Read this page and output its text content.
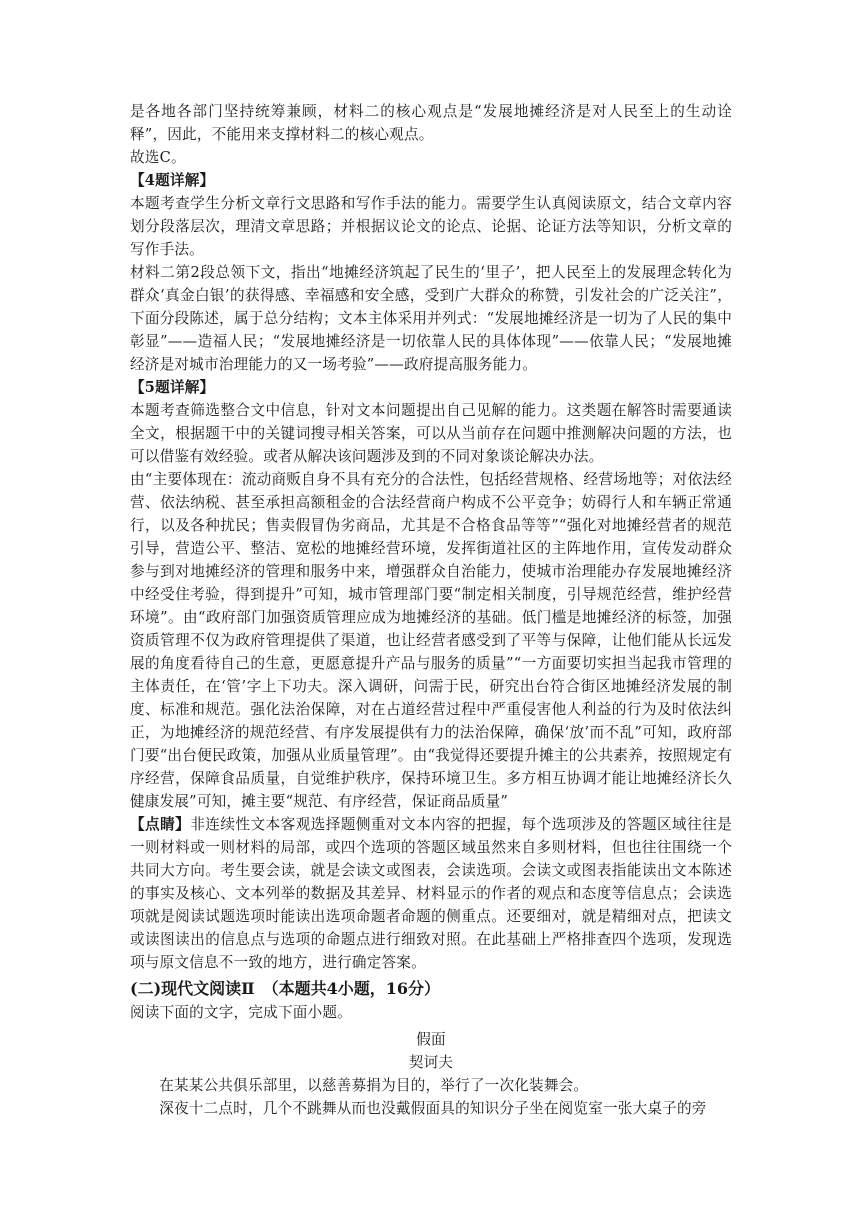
是各地各部门坚持统筹兼顾，材料二的核心观点是“发展地摊经济是对人民至上的生动诠释”，因此，不能用来支撑材料二的核心观点。

故选C。

【4题详解】

本题考查学生分析文章行文思路和写作手法的能力。需要学生认真阅读原文，结合文章内容划分段落层次，理清文章思路；并根据议论文的论点、论据、论证方法等知识，分析文章的写作手法。

材料二第2段总领下文，指出“地摊经济筑起了民生的‘里子’，把人民至上的发展理念转化为群众‘真金白银’的获得感、幸福感和安全感，受到广大群众的称赞，引发社会的广泛关注”，下面分段陈述，属于总分结构；文本主体采用并列式：“发展地摊经济是一切为了人民的集中彰显”——造福人民；“发展地摊经济是一切依靠人民的具体体现”——依靠人民；“发展地摊经济是对城市治理能力的又一场考验”——政府提高服务能力。

【5题详解】

本题考查筛选整合文中信息，针对文本问题提出自己见解的能力。这类题在解答时需要通读全文，根据题干中的关键词搜寻相关答案，可以从当前存在问题中推测解决问题的方法，也可以借鉴有效经验。或者从解决该问题涉及到的不同对象谈论解决办法。

由“主要体现在：流动商贩自身不具有充分的合法性，包括经营规格、经营场地等；对依法经营、依法纳税、甚至承担高额租金的合法经营商户构成不公平竞争；妨碍行人和车辆正常通行，以及各种扰民；售卖假冒伪劣商品，尤其是不合格食品等等”“强化对地摊经营者的规范引导，营造公平、整洁、宽松的地摊经营环境，发挥街道社区的主阵地作用，宣传发动群众参与到对地摊经济的管理和服务中来，增强群众自治能力，使城市治理能办存发展地摊经济中经受住考验，得到提升”可知，城市管理部门要“制定相关制度，引导规范经营，维护经营环境”。由“政府部门加强资质管理应成为地摊经济的基础。低门槛是地摊经济的标签，加强资质管理不仅为政府管理提供了渠道，也让经营者感受到了平等与保障，让他们能从长远发展的角度看待自己的生意，更愿意提升产品与服务的质量”“一方面要切实担当起我市管理的主体责任，在‘管’字上下功夫。深入调研，问需于民，研究出台符合街区地摊经济发展的制度、标准和规范。强化法治保障，对在占道经营过程中严重侵害他人利益的行为及时依法纠正，为地摊经济的规范经营、有序发展提供有力的法治保障，确保‘放’而不乱”可知，政府部门要“出台便民政策，加强从业质量管理”。由“我觉得还要提升摊主的公共素养，按照规定有序经营，保障食品质量，自觉维护秩序，保持环境卫生。多方相互协调才能让地摊经济长久健康发展”可知，摊主要“规范、有序经营，保证商品质量”

【点睛】非连续性文本客观选择题侧重对文本内容的把握，每个选项涉及的答题区域往往是一则材料或一则材料的局部，或四个选项的答题区域虽然来自多则材料，但也往往围绕一个共同大方向。考生要会读，就是会读文或图表，会读选项。会读文或图表指能读出文本陈述的事实及核心、文本列举的数据及其差异、材料显示的作者的观点和态度等信息点；会读选项就是阅读试题选项时能读出选项命题者命题的侧重点。还要细对，就是精细对点，把读文或读图读出的信息点与选项的命题点进行细致对照。在此基础上严格排查四个选项，发现选项与原文信息不一致的地方，进行确定答案。

(二)现代文阅读Ⅱ　（本题共4小题，16分）

阅读下面的文字，完成下面小题。

假面

契诃夫

在某某公共俱乐部里，以慈善募捐为目的，举行了一次化装舞会。

深夜十二点时，几个不跳舞从而也没戴假面具的知识分子坐在阅览室一张大桌子的旁
